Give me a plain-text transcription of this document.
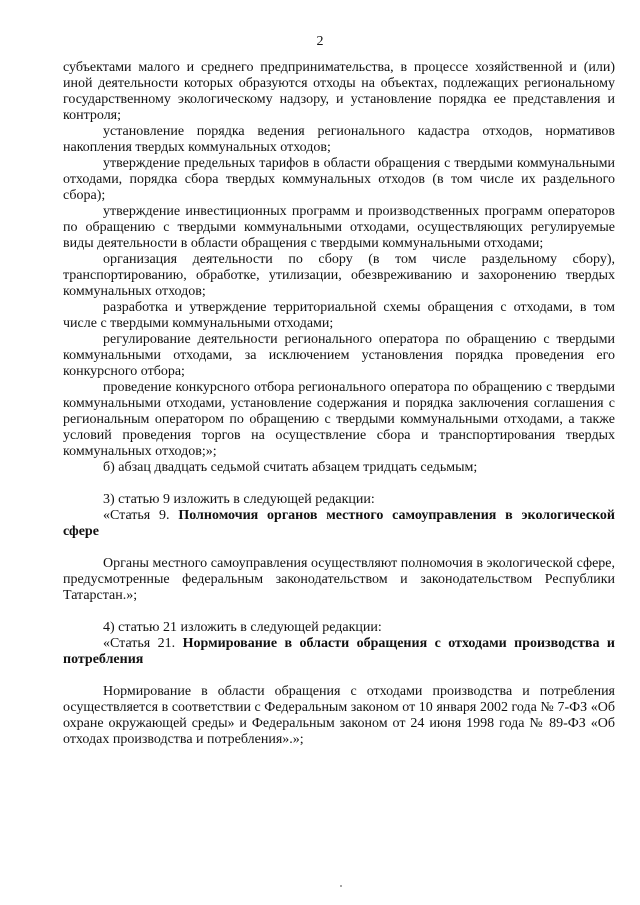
2

субъектами малого и среднего предпринимательства, в процессе хозяйственной и (или) иной деятельности которых образуются отходы на объектах, подлежащих региональному государственному экологическому надзору, и установление порядка ее представления и контроля;

установление порядка ведения регионального кадастра отходов, нормативов накопления твердых коммунальных отходов;

утверждение предельных тарифов в области обращения с твердыми коммунальными отходами, порядка сбора твердых коммунальных отходов (в том числе их раздельного сбора);

утверждение инвестиционных программ и производственных программ операторов по обращению с твердыми коммунальными отходами, осуществляющих регулируемые виды деятельности в области обращения с твердыми коммунальными отходами;

организация деятельности по сбору (в том числе раздельному сбору), транспортированию, обработке, утилизации, обезвреживанию и захоронению твердых коммунальных отходов;

разработка и утверждение территориальной схемы обращения с отходами, в том числе с твердыми коммунальными отходами;

регулирование деятельности регионального оператора по обращению с твердыми коммунальными отходами, за исключением установления порядка проведения его конкурсного отбора;

проведение конкурсного отбора регионального оператора по обращению с твердыми коммунальными отходами, установление содержания и порядка заключения соглашения с региональным оператором по обращению с твердыми коммунальными отходами, а также условий проведения торгов на осуществление сбора и транспортирования твердых коммунальных отходов;»;

б) абзац двадцать седьмой считать абзацем тридцать седьмым;

3) статью 9 изложить в следующей редакции:

«Статья 9. Полномочия органов местного самоуправления в экологической сфере

Органы местного самоуправления осуществляют полномочия в экологической сфере, предусмотренные федеральным законодательством и законодательством Республики Татарстан.»;

4) статью 21 изложить в следующей редакции:

«Статья 21. Нормирование в области обращения с отходами производства и потребления

Нормирование в области обращения с отходами производства и потребления осуществляется в соответствии с Федеральным законом от 10 января 2002 года № 7-ФЗ «Об охране окружающей среды» и Федеральным законом от 24 июня 1998 года № 89-ФЗ «Об отходах производства и потребления».»;
